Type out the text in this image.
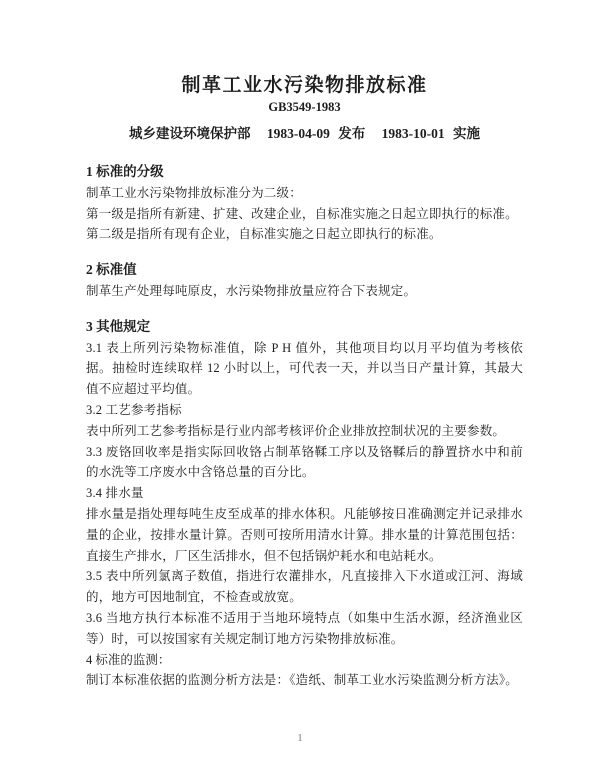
制革工业水污染物排放标准
GB3549-1983
城乡建设环境保护部 1983-04-09 发布 1983-10-01 实施
1 标准的分级

制革工业水污染物排放标准分为二级：

第一级是指所有新建、扩建、改建企业，自标准实施之日起立即执行的标准。

第二级是指所有现有企业，自标准实施之日起立即执行的标准。

2 标准值

制革生产处理每吨原皮，水污染物排放量应符合下表规定。

3 其他规定

3.1 表上所列污染物标准值，除 P H 值外，其他项目均以月平均值为考核依据。抽检时连续取样 12 小时以上，可代表一天，并以当日产量计算，其最大值不应超过平均值。

3.2 工艺参考指标

表中所列工艺参考指标是行业内部考核评价企业排放控制状况的主要参数。

3.3 废铬回收率是指实际回收铬占制革铬鞣工序以及铬鞣后的静置挤水中和前的水洗等工序废水中含铬总量的百分比。

3.4 排水量

排水量是指处理每吨生皮至成革的排水体积。凡能够按日准确测定并记录排水量的企业，按排水量计算。否则可按所用清水计算。排水量的计算范围包括：直接生产排水，厂区生活排水，但不包括锅炉耗水和电站耗水。

3.5 表中所列氯离子数值，指进行农灌排水，凡直接排入下水道或江河、海域的，地方可因地制宜，不检查或放宽。

3.6 当地方执行本标准不适用于当地环境特点（如集中生活水源，经济渔业区等）时，可以按国家有关规定制订地方污染物排放标准。

4 标准的监测：

制订本标准依据的监测分析方法是：《造纸、制革工业水污染监测分析方法》。

1
